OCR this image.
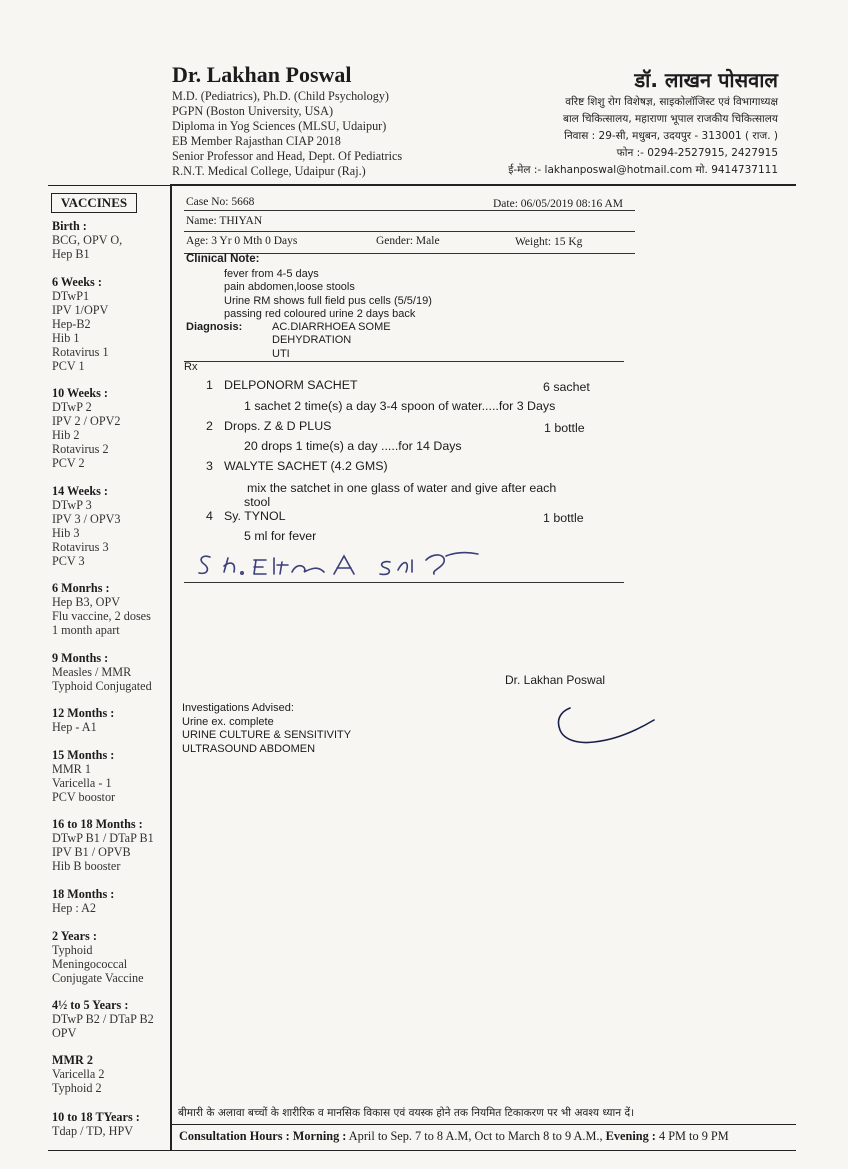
Dr. Lakhan Poswal
M.D. (Pediatrics), Ph.D. (Child Psychology)
PGPN (Boston University, USA)
Diploma in Yog Sciences (MLSU, Udaipur)
EB Member Rajasthan CIAP 2018
Senior Professor and Head, Dept. Of Pediatrics
R.N.T. Medical College, Udaipur (Raj.)
डॉ. लाखन पोसवाल
वरिष्ट शिशु रोग विशेषज्ञ, साइकोलॉजिस्ट एवं विभागाध्यक्ष
बाल चिकित्सालय, महाराणा भूपाल राजकीय चिकित्सालय
निवास : 29-सी, मधुबन, उदयपुर - 313001 ( राज. )
फोन :- 0294-2527915, 2427915
ई-मेल :- lakhanposwal@hotmail.com मो. 9414737111
VACCINES
Birth :
BCG, OPV O,
Hep B1
6 Weeks :
DTwP1
IPV 1/OPV
Hep-B2
Hib 1
Rotavirus 1
PCV 1
10 Weeks :
DTwP 2
IPV 2 / OPV2
Hib 2
Rotavirus 2
PCV 2
14 Weeks :
DTwP 3
IPV 3 / OPV3
Hib 3
Rotavirus 3
PCV 3
6 Monrhs :
Hep B3, OPV
Flu vaccine, 2 doses
1 month apart
9 Months :
Measles / MMR
Typhoid Conjugated
12 Months :
Hep - A1
15 Months :
MMR 1
Varicella - 1
PCV boostor
16 to 18 Months :
DTwP B1 / DTaP B1
IPV B1 / OPVB
Hib B booster
18 Months :
Hep : A2
2 Years :
Typhoid
Meningococcal
Conjugate Vaccine
4½ to 5 Years :
DTwP B2 / DTaP B2
OPV
MMR 2
Varicella 2
Typhoid 2
10 to 18 TYears :
Tdap / TD, HPV
Case No: 5668	Date: 06/05/2019 08:16 AM
Name: THIYAN
Age: 3 Yr 0 Mth 0 Days	Gender: Male	Weight: 15 Kg
Clinical Note:
fever from 4-5 days
pain abdomen,loose stools
Urine RM shows full field pus cells (5/5/19)
passing red coloured urine 2 days back
Diagnosis:	AC.DIARRHOEA SOME
DEHYDRATION
UTI
Rx
1 DELPONORM SACHET	6 sachet
1 sachet 2 time(s) a day 3-4 spoon of water.....for 3 Days
2 Drops. Z & D PLUS	1 bottle
20 drops 1 time(s) a day .....for 14 Days
3 WALYTE SACHET (4.2 GMS)
mix the satchet in one glass of water and give after each
stool
4 Sy. TYNOL	1 bottle
5 ml for fever
Dr. Lakhan Poswal
Investigations Advised:
Urine ex. complete
URINE CULTURE & SENSITIVITY
ULTRASOUND ABDOMEN
बीमारी के अलावा बच्चों के शारीरिक व मानसिक विकास एवं वयस्क होने तक नियमित टिकाकरण पर भी अवश्य ध्यान दें।
Consultation Hours : Morning : April to Sep. 7 to 8 A.M, Oct to March 8 to 9 A.M., Evening : 4 PM to 9 PM
